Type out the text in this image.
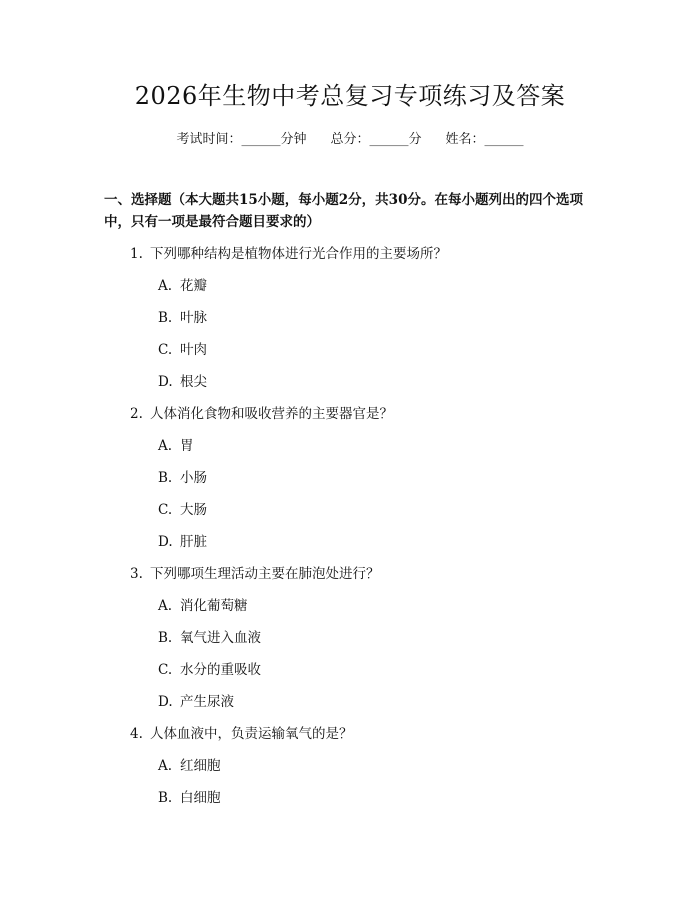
2026年生物中考总复习专项练习及答案
考试时间：______分钟 总分：______分 姓名：______
一、选择题（本大题共15小题，每小题2分，共30分。在每小题列出的四个选项中，只有一项是最符合题目要求的）
1. 下列哪种结构是植物体进行光合作用的主要场所？
A. 花瓣
B. 叶脉
C. 叶肉
D. 根尖
2. 人体消化食物和吸收营养的主要器官是？
A. 胃
B. 小肠
C. 大肠
D. 肝脏
3. 下列哪项生理活动主要在肺泡处进行？
A. 消化葡萄糖
B. 氧气进入血液
C. 水分的重吸收
D. 产生尿液
4. 人体血液中，负责运输氧气的是？
A. 红细胞
B. 白细胞
